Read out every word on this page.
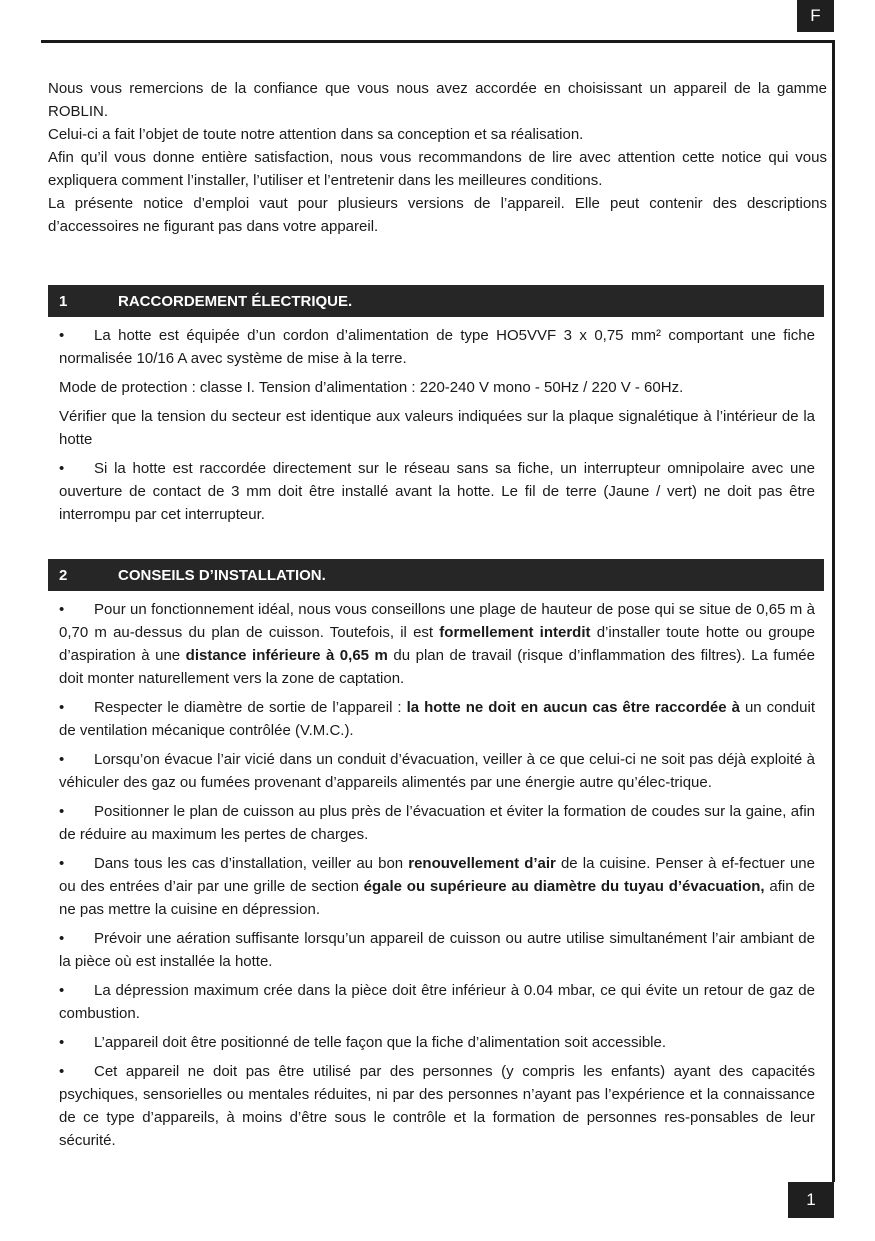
F

Nous vous remercions de la confiance que vous nous avez accordée en choisissant un appareil de la gamme ROBLIN.

Celui-ci a fait l’objet de toute notre attention dans sa conception et sa réalisation.

Afin qu’il vous donne entière satisfaction, nous vous recommandons de lire avec attention cette notice qui vous expliquera comment l’installer, l’utiliser et l’entretenir dans les meilleures conditions.

La présente notice d’emploi vaut pour plusieurs versions de l’appareil. Elle peut contenir des descriptions d’accessoires ne figurant pas dans votre appareil.

1	RACCORDEMENT ÉLECTRIQUE.

• La hotte est équipée d’un cordon d’alimentation de type HO5VVF 3 x 0,75 mm² comportant une fiche normalisée 10/16 A avec système de mise à la terre.

Mode de protection : classe I. Tension d’alimentation : 220-240 V mono - 50Hz / 220 V - 60Hz.

Vérifier que la tension du secteur est identique aux valeurs indiquées sur la plaque signalétique à l’intérieur de la hotte

• Si la hotte est raccordée directement sur le réseau sans sa fiche, un interrupteur omnipolaire avec une ouverture de contact de 3 mm doit être installé avant la hotte. Le fil de terre (Jaune / vert) ne doit pas être interrompu par cet interrupteur.

2	CONSEILS D’INSTALLATION.

• Pour un fonctionnement idéal, nous vous conseillons une plage de hauteur de pose qui se situe de 0,65 m à 0,70 m au-dessus du plan de cuisson. Toutefois, il est formellement interdit d’installer toute hotte ou groupe d’aspiration à une distance inférieure à 0,65 m du plan de travail (risque d’inflammation des filtres). La fumée doit monter naturellement vers la zone de captation.

• Respecter le diamètre de sortie de l’appareil : la hotte ne doit en aucun cas être raccordée à un conduit de ventilation mécanique contrôlée (V.M.C.).

• Lorsqu’on évacue l’air vicié dans un conduit d’évacuation, veiller à ce que celui-ci ne soit pas déjà exploité à véhiculer des gaz ou fumées provenant d’appareils alimentés par une énergie autre qu’élec-trique.

• Positionner le plan de cuisson au plus près de l’évacuation et éviter la formation de coudes sur la gaine, afin de réduire au maximum les pertes de charges.

• Dans tous les cas d’installation, veiller au bon renouvellement d’air de la cuisine. Penser à ef-fectuer une ou des entrées d’air par une grille de section égale ou supérieure au diamètre du tuyau d’évacuation, afin de ne pas mettre la cuisine en dépression.

• Prévoir une aération suffisante lorsqu’un appareil de cuisson ou autre utilise simultanément l’air ambiant de la pièce où est installée la hotte.

• La dépression maximum crée dans la pièce doit être inférieur à 0.04 mbar, ce qui évite un retour de gaz de combustion.

• L’appareil doit être positionné de telle façon que la fiche d’alimentation soit accessible.

• Cet appareil ne doit pas être utilisé par des personnes (y compris les enfants) ayant des capacités psychiques, sensorielles ou mentales réduites, ni par des personnes n’ayant pas l’expérience et la connaissance de ce type d’appareils, à moins d’être sous le contrôle et la formation de personnes res-ponsables de leur sécurité.

1
